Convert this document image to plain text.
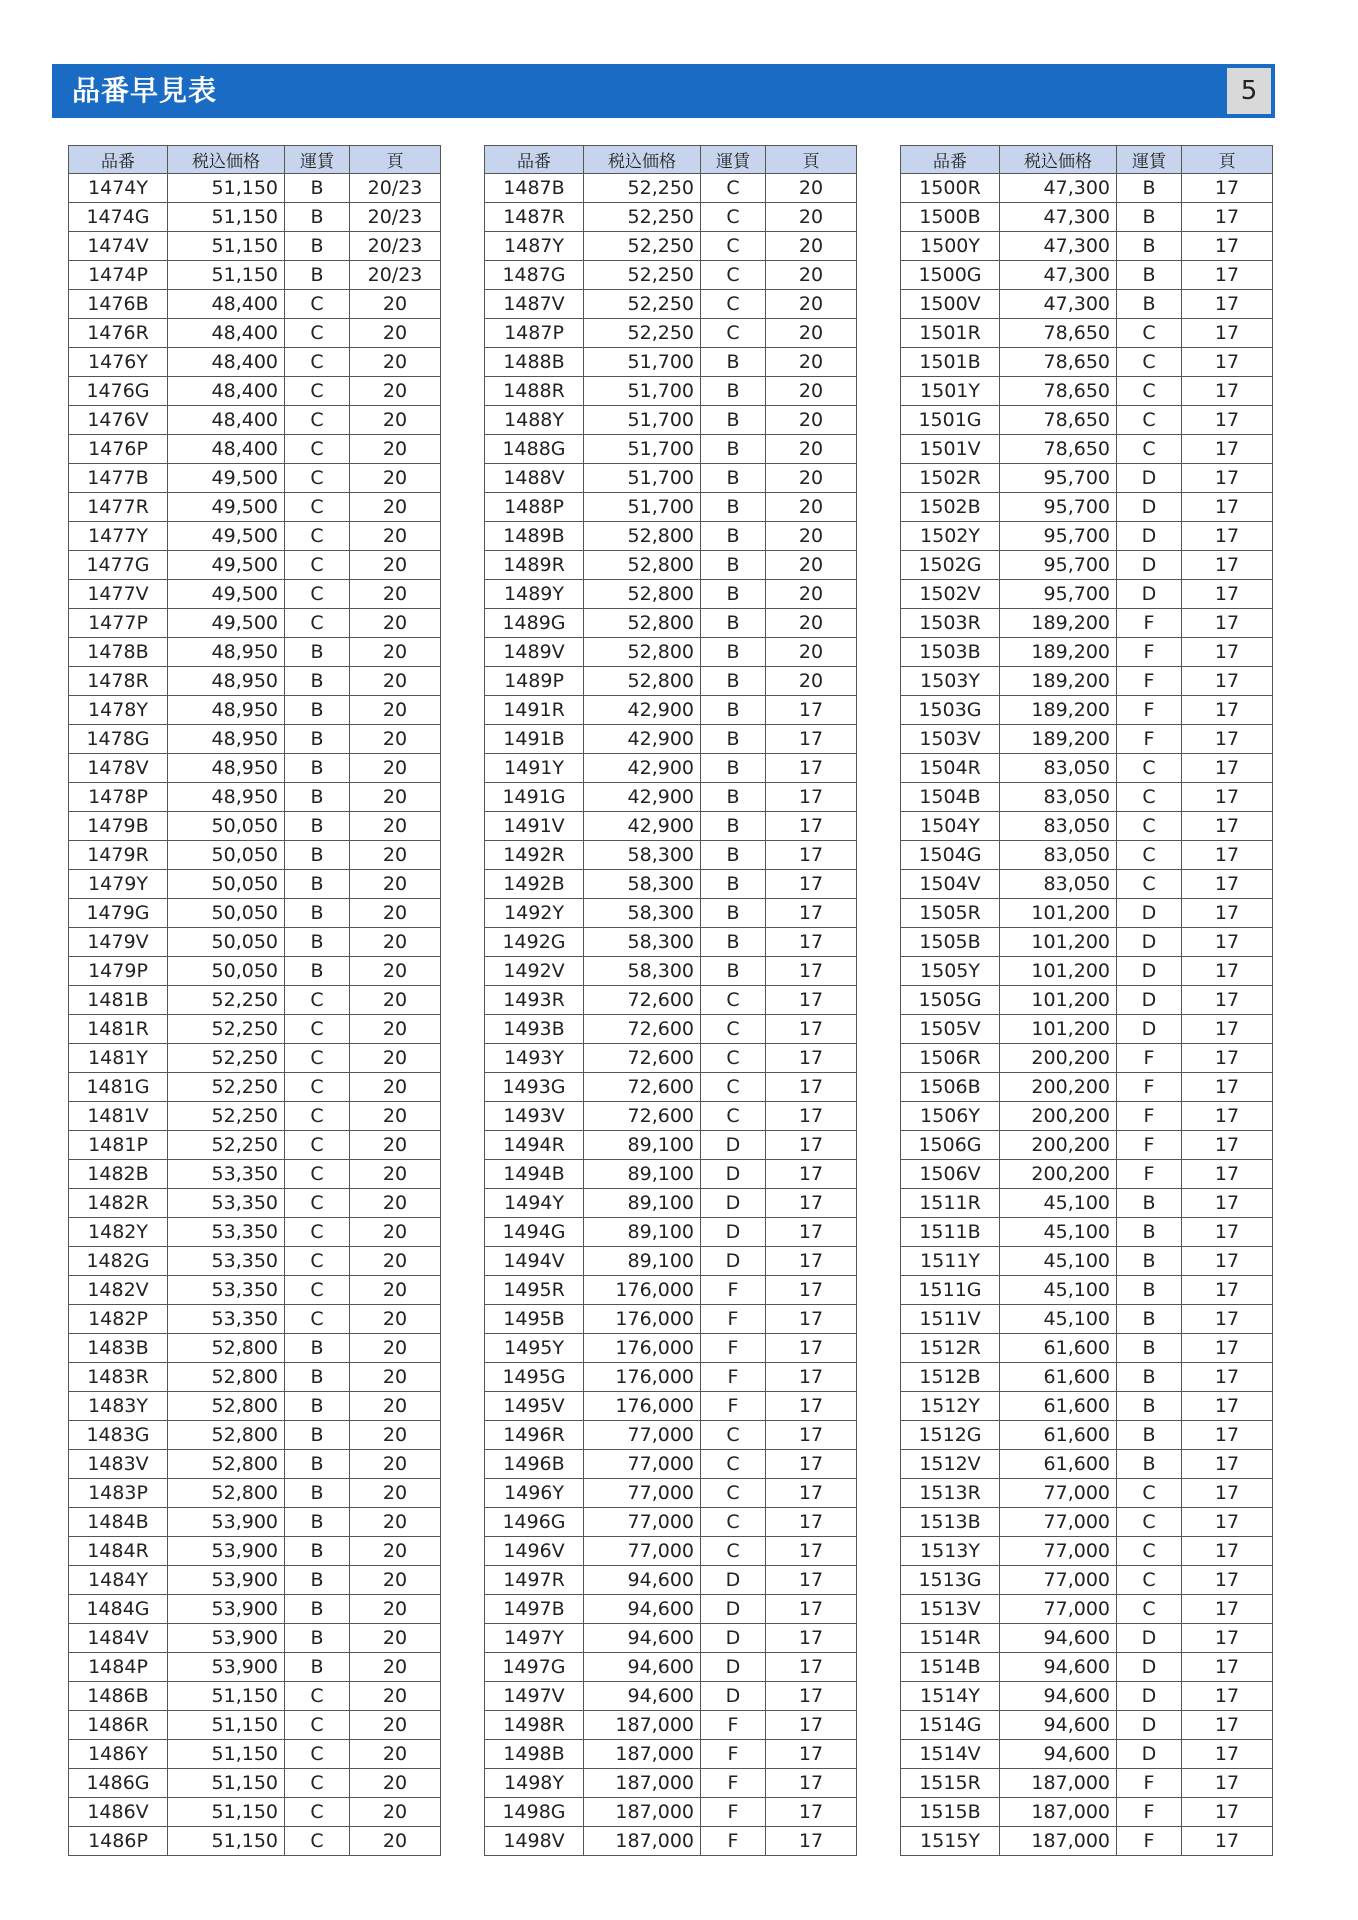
品番早見表	5
品番	税込価格	運賃	頁
1474Y	51,150	B	20/23
1474G	51,150	B	20/23
1474V	51,150	B	20/23
1474P	51,150	B	20/23
1476B	48,400	C	20
1476R	48,400	C	20
1476Y	48,400	C	20
1476G	48,400	C	20
1476V	48,400	C	20
1476P	48,400	C	20
1477B	49,500	C	20
1477R	49,500	C	20
1477Y	49,500	C	20
1477G	49,500	C	20
1477V	49,500	C	20
1477P	49,500	C	20
1478B	48,950	B	20
1478R	48,950	B	20
1478Y	48,950	B	20
1478G	48,950	B	20
1478V	48,950	B	20
1478P	48,950	B	20
1479B	50,050	B	20
1479R	50,050	B	20
1479Y	50,050	B	20
1479G	50,050	B	20
1479V	50,050	B	20
1479P	50,050	B	20
1481B	52,250	C	20
1481R	52,250	C	20
1481Y	52,250	C	20
1481G	52,250	C	20
1481V	52,250	C	20
1481P	52,250	C	20
1482B	53,350	C	20
1482R	53,350	C	20
1482Y	53,350	C	20
1482G	53,350	C	20
1482V	53,350	C	20
1482P	53,350	C	20
1483B	52,800	B	20
1483R	52,800	B	20
1483Y	52,800	B	20
1483G	52,800	B	20
1483V	52,800	B	20
1483P	52,800	B	20
1484B	53,900	B	20
1484R	53,900	B	20
1484Y	53,900	B	20
1484G	53,900	B	20
1484V	53,900	B	20
1484P	53,900	B	20
1486B	51,150	C	20
1486R	51,150	C	20
1486Y	51,150	C	20
1486G	51,150	C	20
1486V	51,150	C	20
1486P	51,150	C	20
品番	税込価格	運賃	頁
1487B	52,250	C	20
1487R	52,250	C	20
1487Y	52,250	C	20
1487G	52,250	C	20
1487V	52,250	C	20
1487P	52,250	C	20
1488B	51,700	B	20
1488R	51,700	B	20
1488Y	51,700	B	20
1488G	51,700	B	20
1488V	51,700	B	20
1488P	51,700	B	20
1489B	52,800	B	20
1489R	52,800	B	20
1489Y	52,800	B	20
1489G	52,800	B	20
1489V	52,800	B	20
1489P	52,800	B	20
1491R	42,900	B	17
1491B	42,900	B	17
1491Y	42,900	B	17
1491G	42,900	B	17
1491V	42,900	B	17
1492R	58,300	B	17
1492B	58,300	B	17
1492Y	58,300	B	17
1492G	58,300	B	17
1492V	58,300	B	17
1493R	72,600	C	17
1493B	72,600	C	17
1493Y	72,600	C	17
1493G	72,600	C	17
1493V	72,600	C	17
1494R	89,100	D	17
1494B	89,100	D	17
1494Y	89,100	D	17
1494G	89,100	D	17
1494V	89,100	D	17
1495R	176,000	F	17
1495B	176,000	F	17
1495Y	176,000	F	17
1495G	176,000	F	17
1495V	176,000	F	17
1496R	77,000	C	17
1496B	77,000	C	17
1496Y	77,000	C	17
1496G	77,000	C	17
1496V	77,000	C	17
1497R	94,600	D	17
1497B	94,600	D	17
1497Y	94,600	D	17
1497G	94,600	D	17
1497V	94,600	D	17
1498R	187,000	F	17
1498B	187,000	F	17
1498Y	187,000	F	17
1498G	187,000	F	17
1498V	187,000	F	17
品番	税込価格	運賃	頁
1500R	47,300	B	17
1500B	47,300	B	17
1500Y	47,300	B	17
1500G	47,300	B	17
1500V	47,300	B	17
1501R	78,650	C	17
1501B	78,650	C	17
1501Y	78,650	C	17
1501G	78,650	C	17
1501V	78,650	C	17
1502R	95,700	D	17
1502B	95,700	D	17
1502Y	95,700	D	17
1502G	95,700	D	17
1502V	95,700	D	17
1503R	189,200	F	17
1503B	189,200	F	17
1503Y	189,200	F	17
1503G	189,200	F	17
1503V	189,200	F	17
1504R	83,050	C	17
1504B	83,050	C	17
1504Y	83,050	C	17
1504G	83,050	C	17
1504V	83,050	C	17
1505R	101,200	D	17
1505B	101,200	D	17
1505Y	101,200	D	17
1505G	101,200	D	17
1505V	101,200	D	17
1506R	200,200	F	17
1506B	200,200	F	17
1506Y	200,200	F	17
1506G	200,200	F	17
1506V	200,200	F	17
1511R	45,100	B	17
1511B	45,100	B	17
1511Y	45,100	B	17
1511G	45,100	B	17
1511V	45,100	B	17
1512R	61,600	B	17
1512B	61,600	B	17
1512Y	61,600	B	17
1512G	61,600	B	17
1512V	61,600	B	17
1513R	77,000	C	17
1513B	77,000	C	17
1513Y	77,000	C	17
1513G	77,000	C	17
1513V	77,000	C	17
1514R	94,600	D	17
1514B	94,600	D	17
1514Y	94,600	D	17
1514G	94,600	D	17
1514V	94,600	D	17
1515R	187,000	F	17
1515B	187,000	F	17
1515Y	187,000	F	17
